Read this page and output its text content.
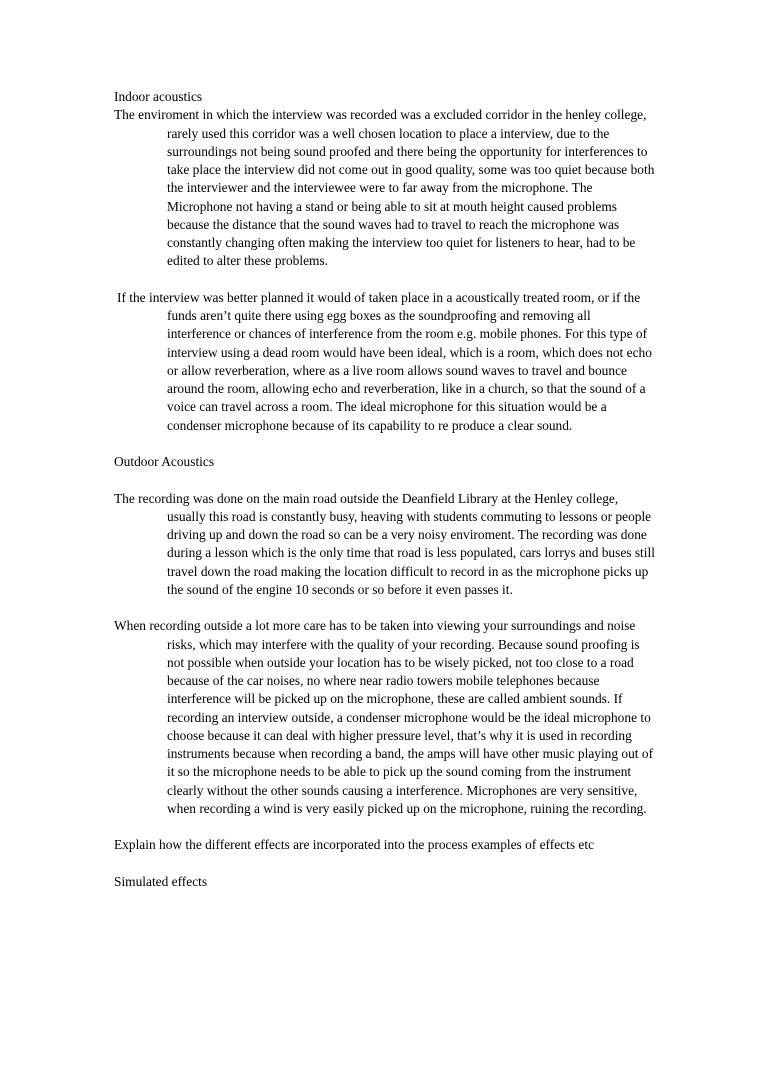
Indoor acoustics

The enviroment in which the interview was recorded was a excluded corridor in the henley college, rarely used this corridor was a well chosen location to place a interview, due to the surroundings not being sound proofed and there being the opportunity for interferences to take place the interview did not come out in good quality, some was too quiet because both the interviewer and the interviewee were to far away from the microphone. The Microphone not having a stand or being able to sit at mouth height caused problems because the distance that the sound waves had to travel to reach the microphone was constantly changing often making the interview too quiet for listeners to hear, had to be edited to alter these problems.

If the interview was better planned it would of taken place in a acoustically treated room, or if the funds aren’t quite there using egg boxes as the soundproofing and removing all interference or chances of interference from the room e.g. mobile phones. For this type of interview using a dead room would have been ideal, which is a room, which does not echo or allow reverberation, where as a live room allows sound waves to travel and bounce around the room, allowing echo and reverberation, like in a church, so that the sound of a voice can travel across a room. The ideal microphone for this situation would be a condenser microphone because of its capability to re produce a clear sound.

Outdoor Acoustics

The recording was done on the main road outside the Deanfield Library at the Henley college, usually this road is constantly busy, heaving with students commuting to lessons or people driving up and down the road so can be a very noisy enviroment. The recording was done during a lesson which is the only time that road is less populated, cars lorrys and buses still travel down the road making the location difficult to record in as the microphone picks up the sound of the engine 10 seconds or so before it even passes it.

When recording outside a lot more care has to be taken into viewing your surroundings and noise risks, which may interfere with the quality of your recording. Because sound proofing is not possible when outside your location has to be wisely picked, not too close to a road because of the car noises, no where near radio towers mobile telephones because interference will be picked up on the microphone, these are called ambient sounds. If recording an interview outside, a condenser microphone would be the ideal microphone to choose because it can deal with higher pressure level, that’s why it is used in recording instruments because when recording a band, the amps will have other music playing out of it so the microphone needs to be able to pick up the sound coming from the instrument clearly without the other sounds causing a interference. Microphones are very sensitive, when recording a wind is very easily picked up on the microphone, ruining the recording.

Explain how the different effects are incorporated into the process examples of effects etc

Simulated effects
